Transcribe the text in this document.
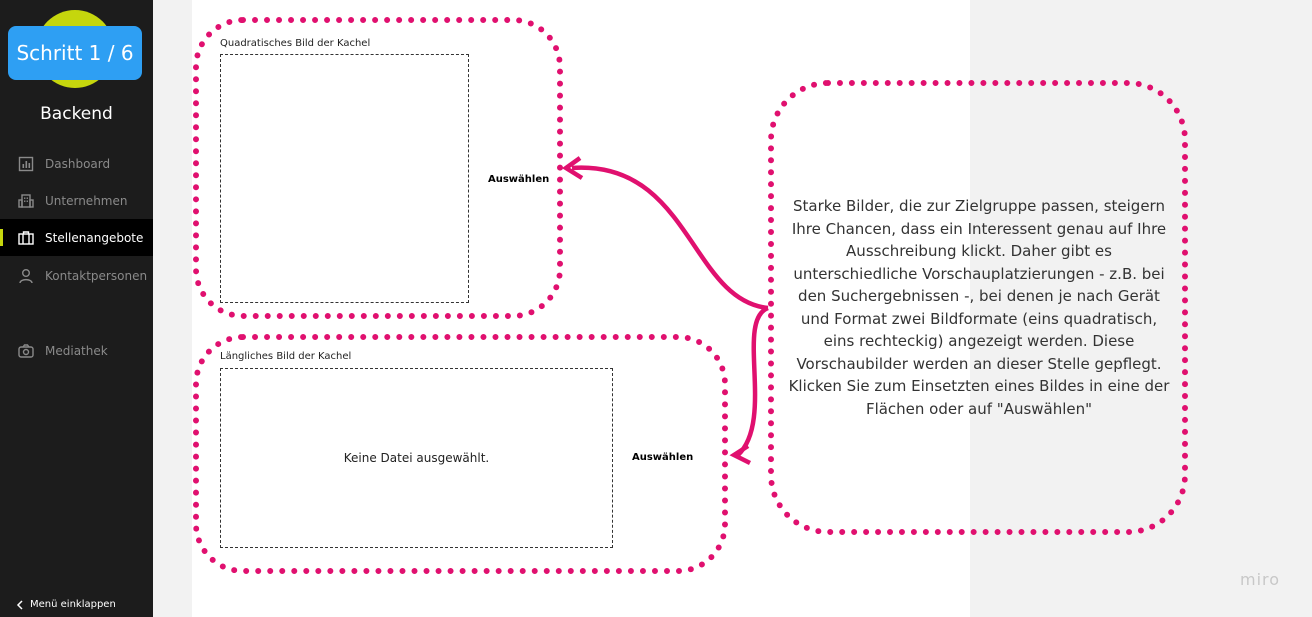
Schritt 1 / 6
Backend
Dashboard
Unternehmen
Stellenangebote
Kontaktpersonen
Mediathek
Menü einklappen
Quadratisches Bild der Kachel
Auswählen
Längliches Bild der Kachel
Keine Datei ausgewählt.	Auswählen
Starke Bilder, die zur Zielgruppe passen, steigern Ihre Chancen, dass ein Interessent genau auf Ihre Ausschreibung klickt. Daher gibt es unterschiedliche Vorschauplatzierungen - z.B. bei den Suchergebnissen -, bei denen je nach Gerät und Format zwei Bildformate (eins quadratisch, eins rechteckig) angezeigt werden. Diese Vorschaubilder werden an dieser Stelle gepflegt. Klicken Sie zum Einsetzten eines Bildes in eine der Flächen oder auf "Auswählen"
miro
